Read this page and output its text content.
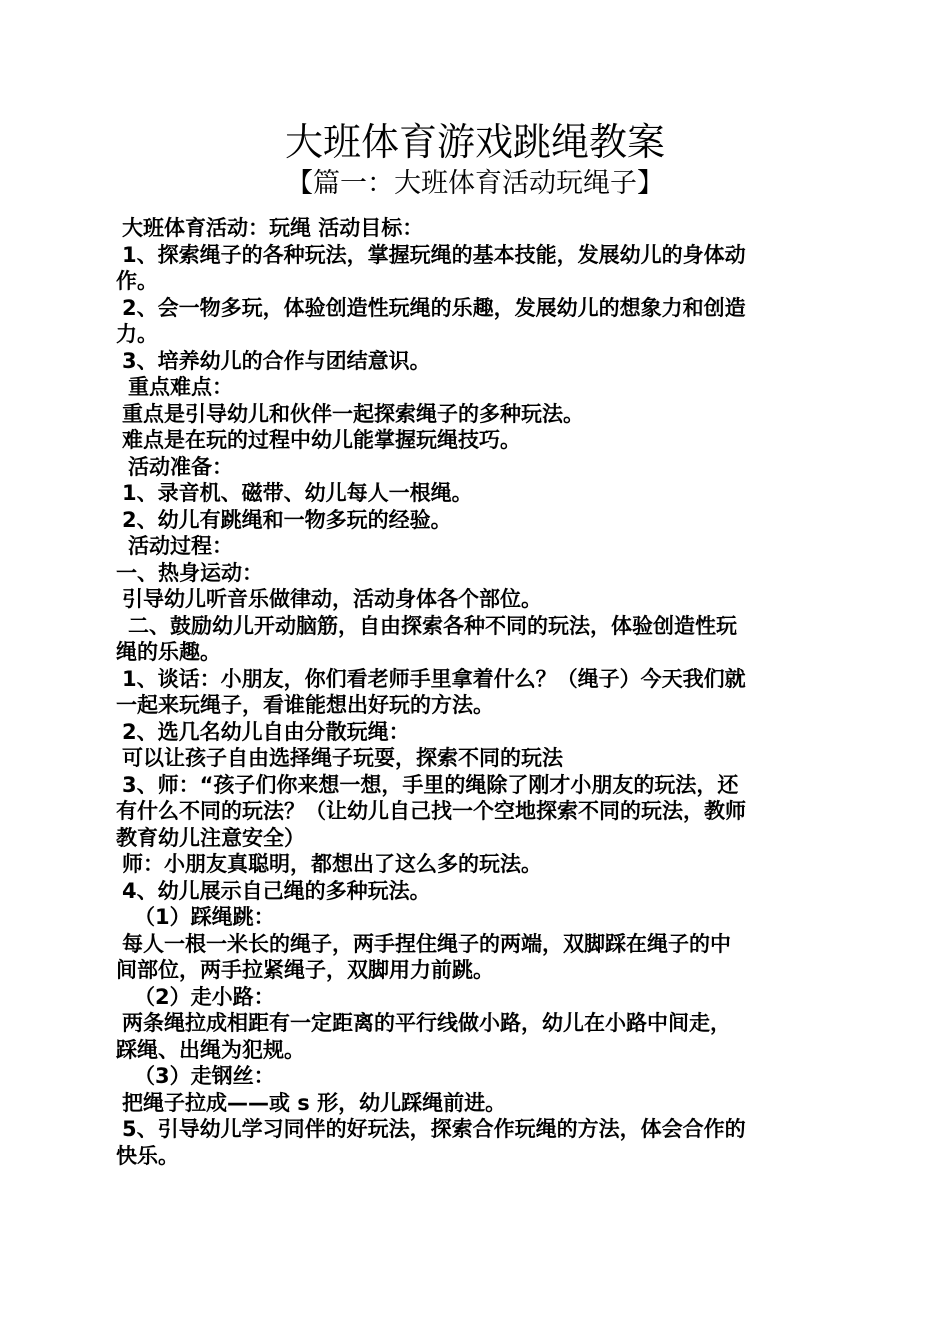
大班体育游戏跳绳教案
【篇一：大班体育活动玩绳子】

大班体育活动：玩绳 活动目标：

1、探索绳子的各种玩法，掌握玩绳的基本技能，发展幼儿的身体动

作。

2、会一物多玩，体验创造性玩绳的乐趣，发展幼儿的想象力和创造

力。

3、培养幼儿的合作与团结意识。

重点难点：

重点是引导幼儿和伙伴一起探索绳子的多种玩法。

难点是在玩的过程中幼儿能掌握玩绳技巧。

活动准备：

1、录音机、磁带、幼儿每人一根绳。

2、幼儿有跳绳和一物多玩的经验。

活动过程：

一、热身运动：

引导幼儿听音乐做律动，活动身体各个部位。

二、鼓励幼儿开动脑筋，自由探索各种不同的玩法，体验创造性玩

绳的乐趣。

1、谈话：小朋友，你们看老师手里拿着什么？（绳子）今天我们就

一起来玩绳子，看谁能想出好玩的方法。

2、选几名幼儿自由分散玩绳：

可以让孩子自由选择绳子玩耍，探索不同的玩法

3、师：“孩子们你来想一想，手里的绳除了刚才小朋友的玩法，还

有什么不同的玩法？（让幼儿自己找一个空地探索不同的玩法，教师

教育幼儿注意安全）

师：小朋友真聪明，都想出了这么多的玩法。

4、幼儿展示自己绳的多种玩法。

（1）踩绳跳：

每人一根一米长的绳子，两手捏住绳子的两端，双脚踩在绳子的中

间部位，两手拉紧绳子，双脚用力前跳。

（2）走小路：

两条绳拉成相距有一定距离的平行线做小路，幼儿在小路中间走，

踩绳、出绳为犯规。

（3）走钢丝：

把绳子拉成——或 s 形，幼儿踩绳前进。

5、引导幼儿学习同伴的好玩法，探索合作玩绳的方法，体会合作的

快乐。
